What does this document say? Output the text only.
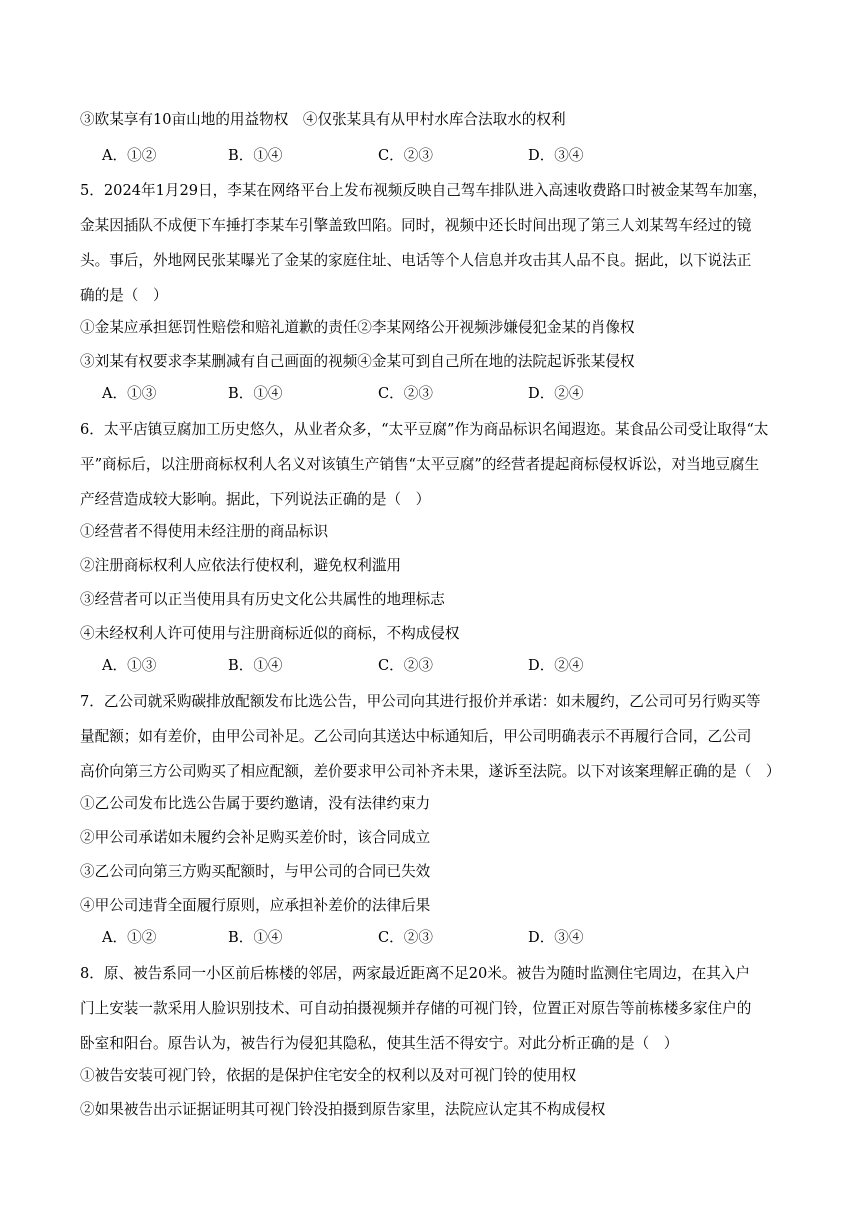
③欧某享有10亩山地的用益物权　④仅张某具有从甲村水库合法取水的权利
A．①②	B．①④	C．②③	D．③④
5．2024年1月29日，李某在网络平台上发布视频反映自己驾车排队进入高速收费路口时被金某驾车加塞，
金某因插队不成便下车捶打李某车引擎盖致凹陷。同时，视频中还长时间出现了第三人刘某驾车经过的镜
头。事后，外地网民张某曝光了金某的家庭住址、电话等个人信息并攻击其人品不良。据此，以下说法正
确的是（　）
①金某应承担惩罚性赔偿和赔礼道歉的责任②李某网络公开视频涉嫌侵犯金某的肖像权
③刘某有权要求李某删减有自己画面的视频④金某可到自己所在地的法院起诉张某侵权
A．①③	B．①④	C．②③	D．②④
6．太平店镇豆腐加工历史悠久，从业者众多，“太平豆腐”作为商品标识名闻遐迩。某食品公司受让取得“太
平”商标后，以注册商标权利人名义对该镇生产销售“太平豆腐”的经营者提起商标侵权诉讼，对当地豆腐生
产经营造成较大影响。据此，下列说法正确的是（　）
①经营者不得使用未经注册的商品标识
②注册商标权利人应依法行使权利，避免权利滥用
③经营者可以正当使用具有历史文化公共属性的地理标志
④未经权利人许可使用与注册商标近似的商标，不构成侵权
A．①③	B．①④	C．②③	D．②④
7．乙公司就采购碳排放配额发布比选公告，甲公司向其进行报价并承诺：如未履约，乙公司可另行购买等
量配额；如有差价，由甲公司补足。乙公司向其送达中标通知后，甲公司明确表示不再履行合同，乙公司
高价向第三方公司购买了相应配额，差价要求甲公司补齐未果，遂诉至法院。以下对该案理解正确的是（　）
①乙公司发布比选公告属于要约邀请，没有法律约束力
②甲公司承诺如未履约会补足购买差价时，该合同成立
③乙公司向第三方购买配额时，与甲公司的合同已失效
④甲公司违背全面履行原则，应承担补差价的法律后果
A．①②	B．①④	C．②③	D．③④
8．原、被告系同一小区前后栋楼的邻居，两家最近距离不足20米。被告为随时监测住宅周边，在其入户
门上安装一款采用人脸识别技术、可自动拍摄视频并存储的可视门铃，位置正对原告等前栋楼多家住户的
卧室和阳台。原告认为，被告行为侵犯其隐私，使其生活不得安宁。对此分析正确的是（　）
①被告安装可视门铃，依据的是保护住宅安全的权利以及对可视门铃的使用权
②如果被告出示证据证明其可视门铃没拍摄到原告家里，法院应认定其不构成侵权
